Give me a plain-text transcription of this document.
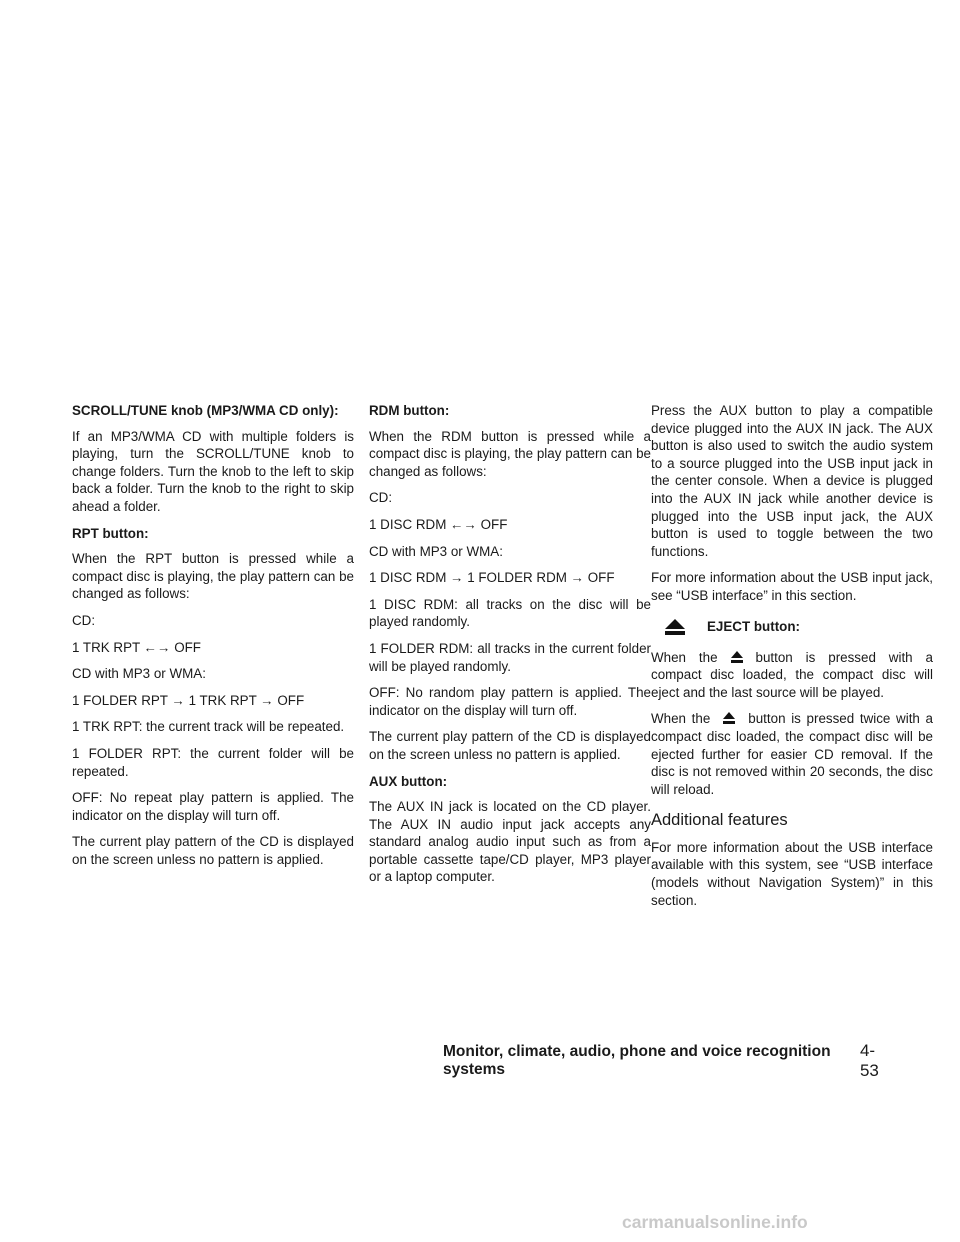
SCROLL/TUNE knob (MP3/WMA CD only):

If an MP3/WMA CD with multiple folders is playing, turn the SCROLL/TUNE knob to change folders. Turn the knob to the left to skip back a folder. Turn the knob to the right to skip ahead a folder.

RPT button:

When the RPT button is pressed while a compact disc is playing, the play pattern can be changed as follows:

CD:

1 TRK RPT ←→ OFF

CD with MP3 or WMA:

1 FOLDER RPT → 1 TRK RPT → OFF

1 TRK RPT: the current track will be repeated.

1 FOLDER RPT: the current folder will be repeated.

OFF: No repeat play pattern is applied. The indicator on the display will turn off.

The current play pattern of the CD is displayed on the screen unless no pattern is applied.

RDM button:

When the RDM button is pressed while a compact disc is playing, the play pattern can be changed as follows:

CD:

1 DISC RDM ←→ OFF

CD with MP3 or WMA:

1 DISC RDM → 1 FOLDER RDM → OFF

1 DISC RDM: all tracks on the disc will be played randomly.

1 FOLDER RDM: all tracks in the current folder will be played randomly.

OFF: No random play pattern is applied. The indicator on the display will turn off.

The current play pattern of the CD is displayed on the screen unless no pattern is applied.

AUX button:

The AUX IN jack is located on the CD player. The AUX IN audio input jack accepts any standard analog audio input such as from a portable cassette tape/CD player, MP3 player or a laptop computer.

Press the AUX button to play a compatible device plugged into the AUX IN jack. The AUX button is also used to switch the audio system to a source plugged into the USB input jack in the center console. When a device is plugged into the AUX IN jack while another device is plugged into the USB input jack, the AUX button is used to toggle between the two functions.

For more information about the USB input jack, see “USB interface” in this section.

EJECT button:

When the	button is pressed with a compact disc loaded, the compact disc will eject and the last source will be played.

When the	button is pressed twice with a compact disc loaded, the compact disc will be ejected further for easier CD removal. If the disc is not removed within 20 seconds, the disc will reload.

Additional features

For more information about the USB interface available with this system, see “USB interface (models without Navigation System)” in this section.

Monitor, climate, audio, phone and voice recognition systems
4-53
carmanualsonline.info
